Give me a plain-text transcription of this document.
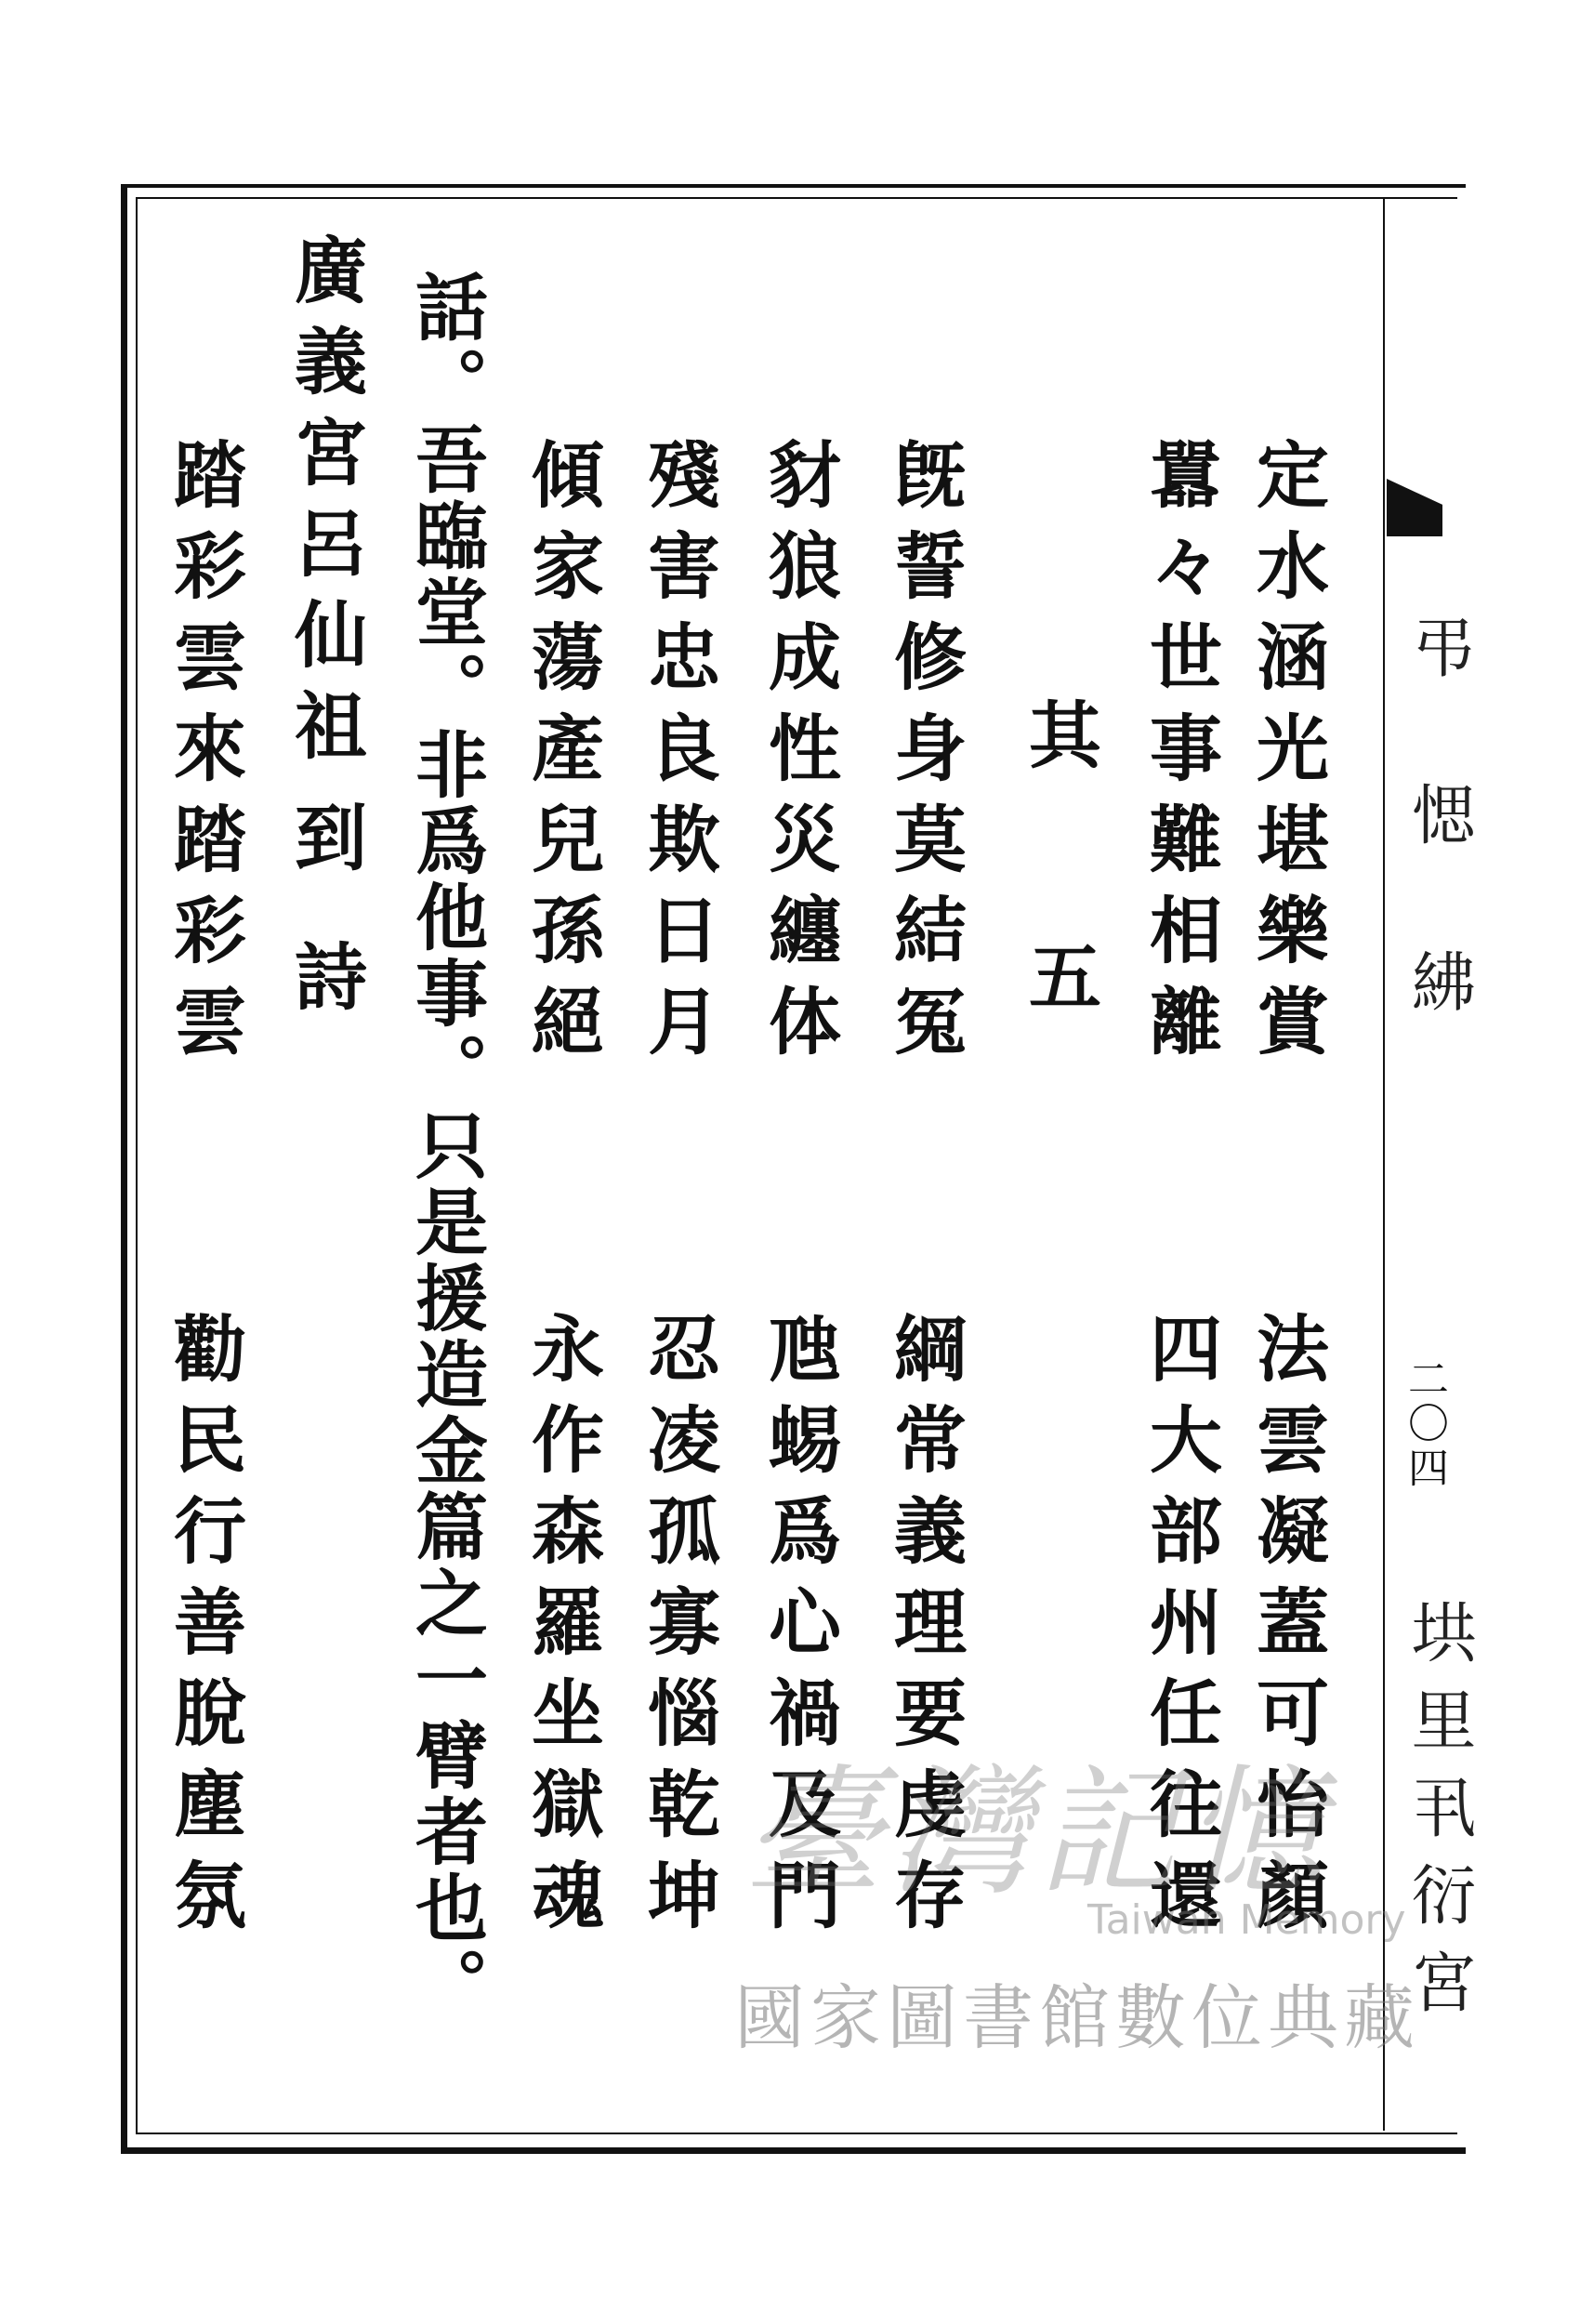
弔愢紼
二〇四
垬里丮衍宮
定水涵光堪樂賞
法雲凝蓋可怡顏
囂々世事難相離
四大部州任往還
其
五
旣誓修身莫結冤
綱常義理要虔存
豺狼成性災纏体
虺蜴爲心禍及門
殘害忠良欺日月
忍凌孤寡惱乾坤
傾家蕩產兒孫絕
永作森羅坐獄魂
話。吾臨堂。非爲他事。只是援造金篇之一臂者也。
廣義宮呂仙祖
到
詩
踏彩雲來踏彩雲
勸民行善脫塵氛	臺灣記憶
Taiwan Memory
國家圖書館數位典藏
